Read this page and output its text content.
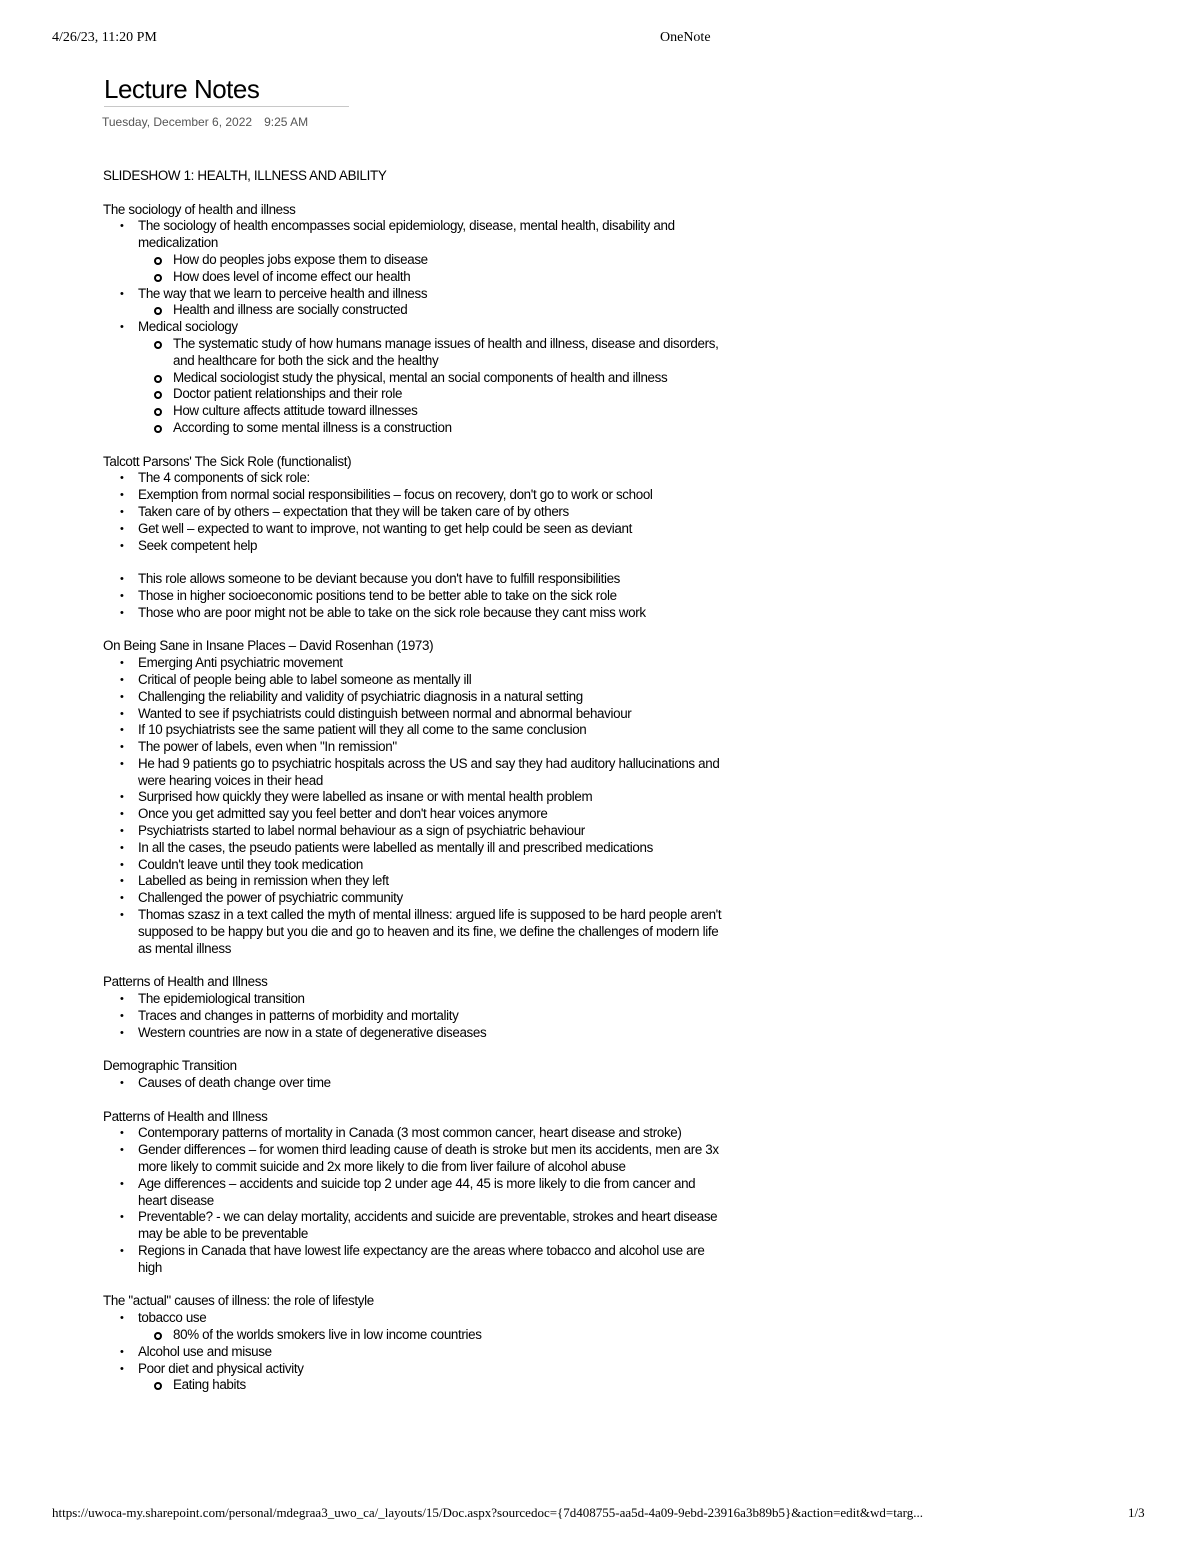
4/26/23, 11:20 PM	OneNote
Lecture Notes
Tuesday, December 6, 2022 9:25 AM

SLIDESHOW 1: HEALTH, ILLNESS AND ABILITY

The sociology of health and illness

• The sociology of health encompasses social epidemiology, disease, mental health, disability and medicalization
How do peoples jobs expose them to disease
How does level of income effect our health
• The way that we learn to perceive health and illness
Health and illness are socially constructed
• Medical sociology
The systematic study of how humans manage issues of health and illness, disease and disorders, and healthcare for both the sick and the healthy
Medical sociologist study the physical, mental an social components of health and illness
Doctor patient relationships and their role
How culture affects attitude toward illnesses
According to some mental illness is a construction

Talcott Parsons' The Sick Role (functionalist)

• The 4 components of sick role:
• Exemption from normal social responsibilities – focus on recovery, don't go to work or school
• Taken care of by others – expectation that they will be taken care of by others
• Get well – expected to want to improve, not wanting to get help could be seen as deviant
• Seek competent help
• This role allows someone to be deviant because you don't have to fulfill responsibilities
• Those in higher socioeconomic positions tend to be better able to take on the sick role
• Those who are poor might not be able to take on the sick role because they cant miss work

On Being Sane in Insane Places – David Rosenhan (1973)

• Emerging Anti psychiatric movement
• Critical of people being able to label someone as mentally ill
• Challenging the reliability and validity of psychiatric diagnosis in a natural setting
• Wanted to see if psychiatrists could distinguish between normal and abnormal behaviour
• If 10 psychiatrists see the same patient will they all come to the same conclusion
• The power of labels, even when "In remission"
• He had 9 patients go to psychiatric hospitals across the US and say they had auditory hallucinations and were hearing voices in their head
• Surprised how quickly they were labelled as insane or with mental health problem
• Once you get admitted say you feel better and don't hear voices anymore
• Psychiatrists started to label normal behaviour as a sign of psychiatric behaviour
• In all the cases, the pseudo patients were labelled as mentally ill and prescribed medications
• Couldn't leave until they took medication
• Labelled as being in remission when they left
• Challenged the power of psychiatric community
• Thomas szasz in a text called the myth of mental illness: argued life is supposed to be hard people aren't supposed to be happy but you die and go to heaven and its fine, we define the challenges of modern life as mental illness

Patterns of Health and Illness

• The epidemiological transition
• Traces and changes in patterns of morbidity and mortality
• Western countries are now in a state of degenerative diseases

Demographic Transition

• Causes of death change over time

Patterns of Health and Illness

• Contemporary patterns of mortality in Canada (3 most common cancer, heart disease and stroke)
• Gender differences – for women third leading cause of death is stroke but men its accidents, men are 3x more likely to commit suicide and 2x more likely to die from liver failure of alcohol abuse
• Age differences – accidents and suicide top 2 under age 44, 45 is more likely to die from cancer and heart disease
• Preventable? - we can delay mortality, accidents and suicide are preventable, strokes and heart disease may be able to be preventable
• Regions in Canada that have lowest life expectancy are the areas where tobacco and alcohol use are high

The "actual" causes of illness: the role of lifestyle

• tobacco use
80% of the worlds smokers live in low income countries
• Alcohol use and misuse
• Poor diet and physical activity
Eating habits
https://uwoca-my.sharepoint.com/personal/mdegraa3_uwo_ca/_layouts/15/Doc.aspx?sourcedoc={7d408755-aa5d-4a09-9ebd-23916a3b89b5}&action=edit&wd=targ...	1/3
